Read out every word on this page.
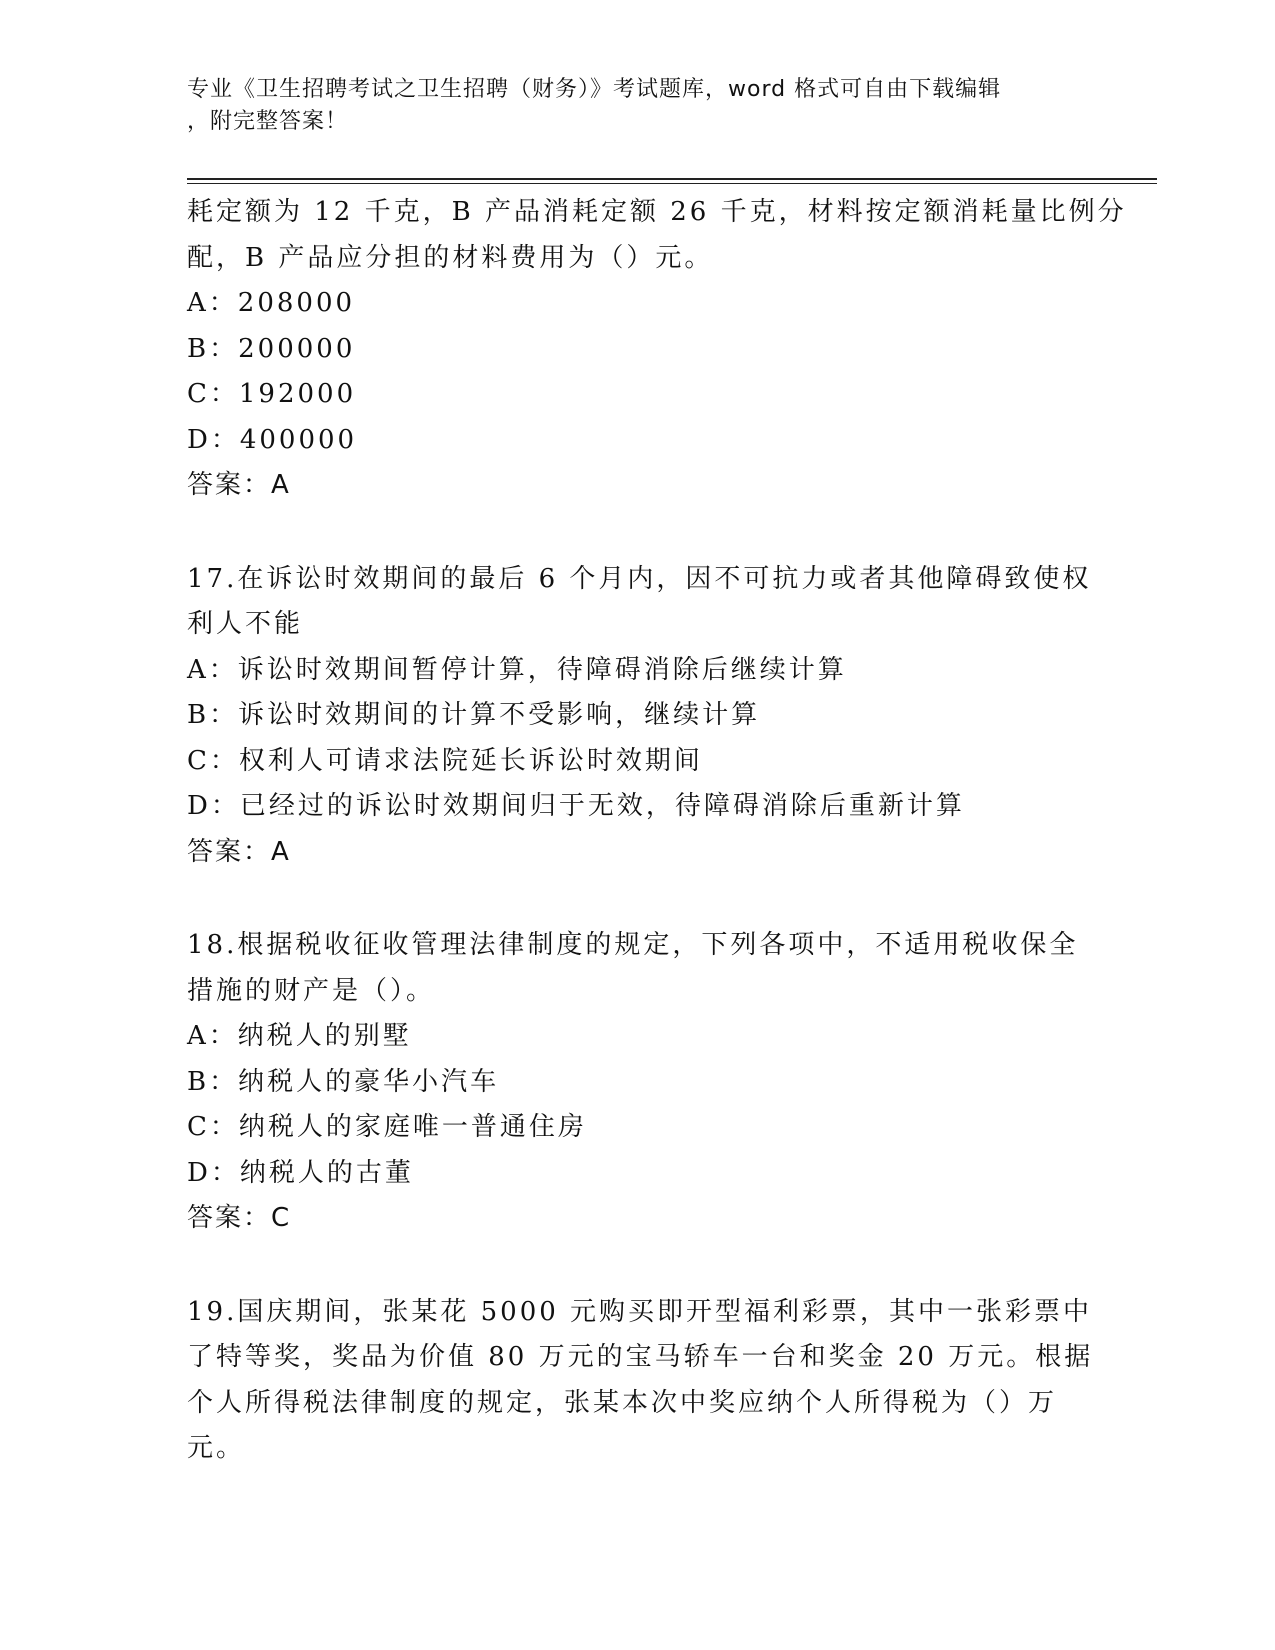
专业《卫生招聘考试之卫生招聘（财务）》考试题库，word 格式可自由下载编辑
，附完整答案！
耗定额为 12 千克，B 产品消耗定额 26 千克，材料按定额消耗量比例分
配，B 产品应分担的材料费用为（）元。
A：208000
B：200000
C：192000
D：400000
答案：A
17.在诉讼时效期间的最后 6 个月内，因不可抗力或者其他障碍致使权
利人不能
A：诉讼时效期间暂停计算，待障碍消除后继续计算
B：诉讼时效期间的计算不受影响，继续计算
C：权利人可请求法院延长诉讼时效期间
D：已经过的诉讼时效期间归于无效，待障碍消除后重新计算
答案：A
18.根据税收征收管理法律制度的规定，下列各项中，不适用税收保全
措施的财产是（）。
A：纳税人的别墅
B：纳税人的豪华小汽车
C：纳税人的家庭唯一普通住房
D：纳税人的古董
答案：C
19.国庆期间，张某花 5000 元购买即开型福利彩票，其中一张彩票中
了特等奖，奖品为价值 80 万元的宝马轿车一台和奖金 20 万元。根据
个人所得税法律制度的规定，张某本次中奖应纳个人所得税为（）万
元。
